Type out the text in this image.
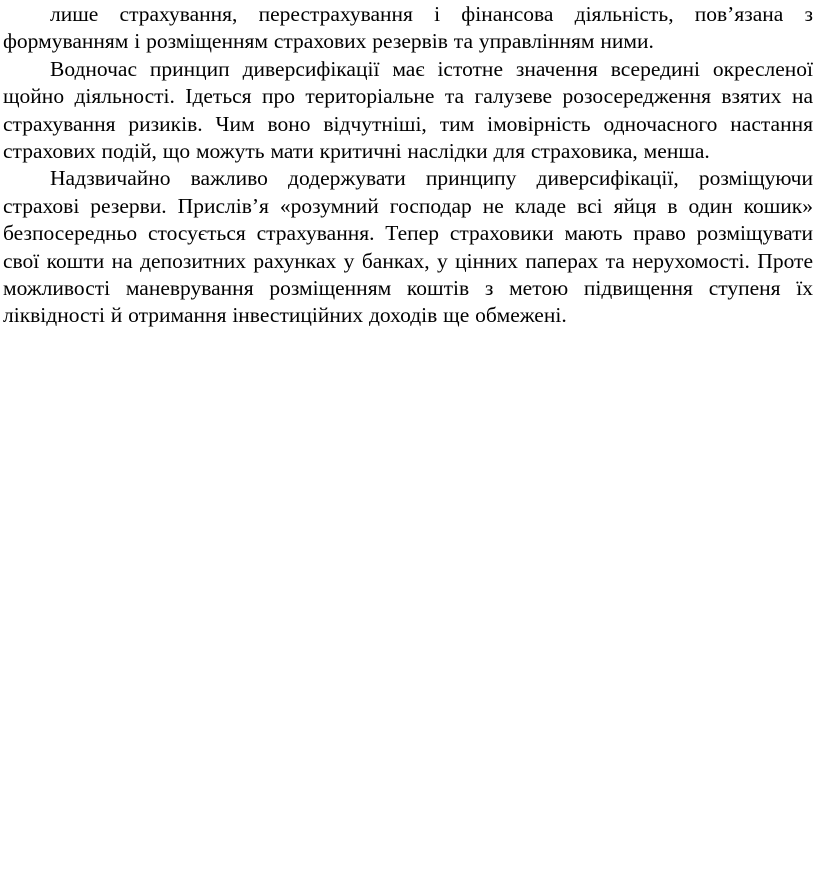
лише страхування, перестрахування і фінансова діяльність, пов’язана з формуванням і розміщенням страхових резервів та управлінням ними.

Водночас принцип диверсифікації має істотне значення всередині окресленої щойно діяльності. Ідеться про територіальне та галузеве розосередження взятих на страхування ризиків. Чим воно відчутніші, тим імовірність одночасного настання страхових подій, що можуть мати критичні наслідки для страховика, менша.

Надзвичайно важливо додержувати принципу диверсифікації, розміщуючи страхові резерви. Прислів’я «розумний господар не кладе всі яйця в один кошик» безпосередньо стосується страхування. Тепер страховики мають право розміщувати свої кошти на депозитних рахунках у банках, у цінних паперах та нерухомості. Проте можливості маневрування розміщенням коштів з метою підвищення ступеня їх ліквідності й отримання інвестиційних доходів ще обмежені.
